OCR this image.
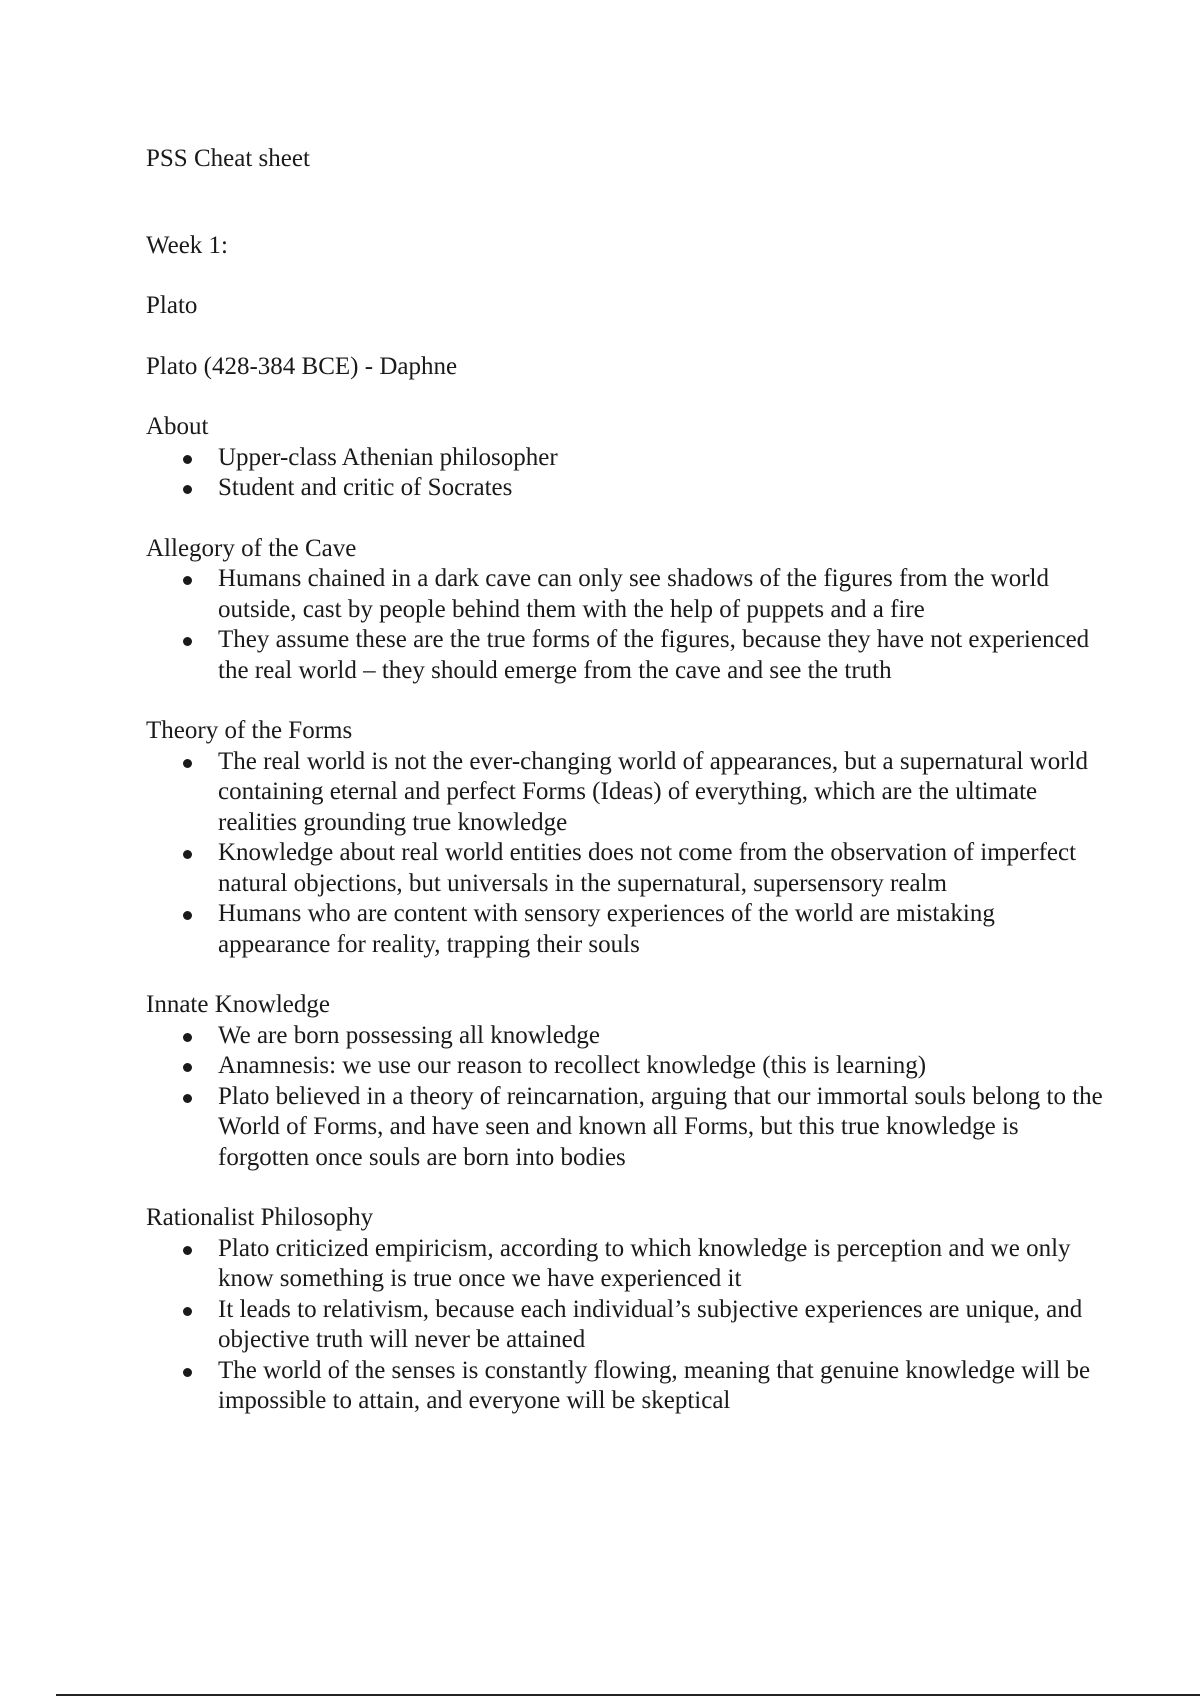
PSS Cheat sheet

Week 1:

Plato

Plato (428-384 BCE) - Daphne

About

Upper-class Athenian philosopher
Student and critic of Socrates

Allegory of the Cave

Humans chained in a dark cave can only see shadows of the figures from the world outside, cast by people behind them with the help of puppets and a fire
They assume these are the true forms of the figures, because they have not experienced the real world – they should emerge from the cave and see the truth

Theory of the Forms

The real world is not the ever-changing world of appearances, but a supernatural world containing eternal and perfect Forms (Ideas) of everything, which are the ultimate realities grounding true knowledge
Knowledge about real world entities does not come from the observation of imperfect natural objections, but universals in the supernatural, supersensory realm
Humans who are content with sensory experiences of the world are mistaking appearance for reality, trapping their souls

Innate Knowledge

We are born possessing all knowledge
Anamnesis: we use our reason to recollect knowledge (this is learning)
Plato believed in a theory of reincarnation, arguing that our immortal souls belong to the World of Forms, and have seen and known all Forms, but this true knowledge is forgotten once souls are born into bodies

Rationalist Philosophy

Plato criticized empiricism, according to which knowledge is perception and we only know something is true once we have experienced it
It leads to relativism, because each individual’s subjective experiences are unique, and objective truth will never be attained
The world of the senses is constantly flowing, meaning that genuine knowledge will be impossible to attain, and everyone will be skeptical
